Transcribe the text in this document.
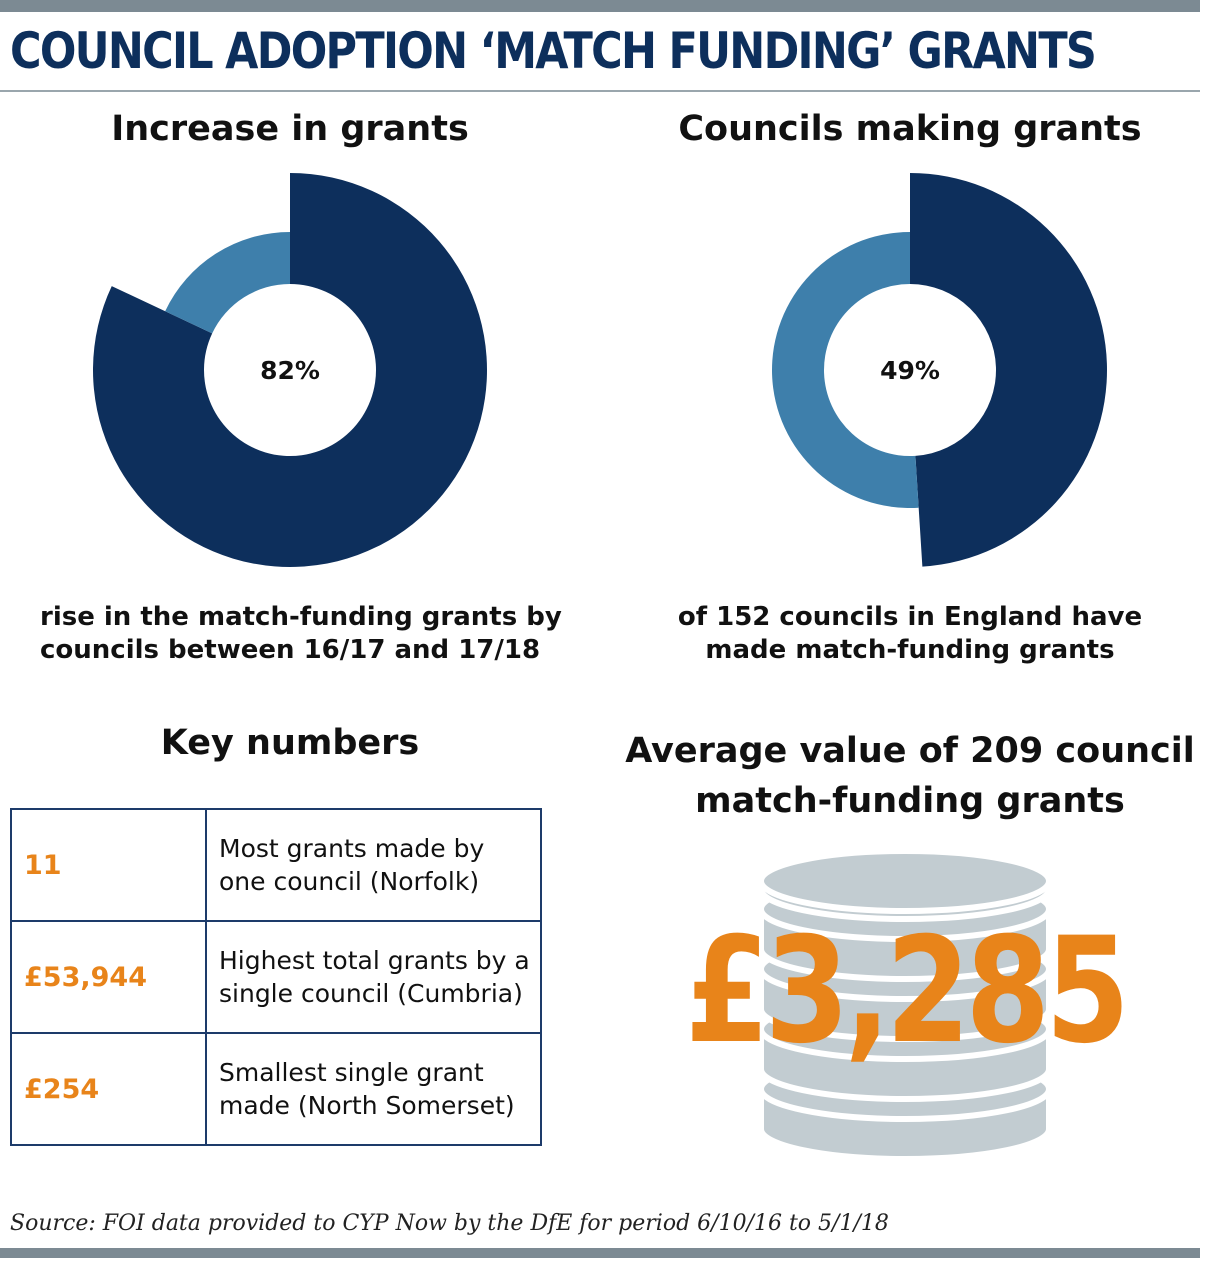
COUNCIL ADOPTION ‘MATCH FUNDING’ GRANTS
Increase in grants
82%
rise in the match-funding grants by
councils between 16/17 and 17/18
Councils making grants
49%
of 152 councils in England have
made match-funding grants
Key numbers
11	Most grants made by
one council (Norfolk)

£53,944	Highest total grants by a
single council (Cumbria)

£254	Smallest single grant
made (North Somerset)
Average value of 209 council
match-funding grants
£3,285
Source: FOI data provided to CYP Now by the DfE for period 6/10/16 to 5/1/18
